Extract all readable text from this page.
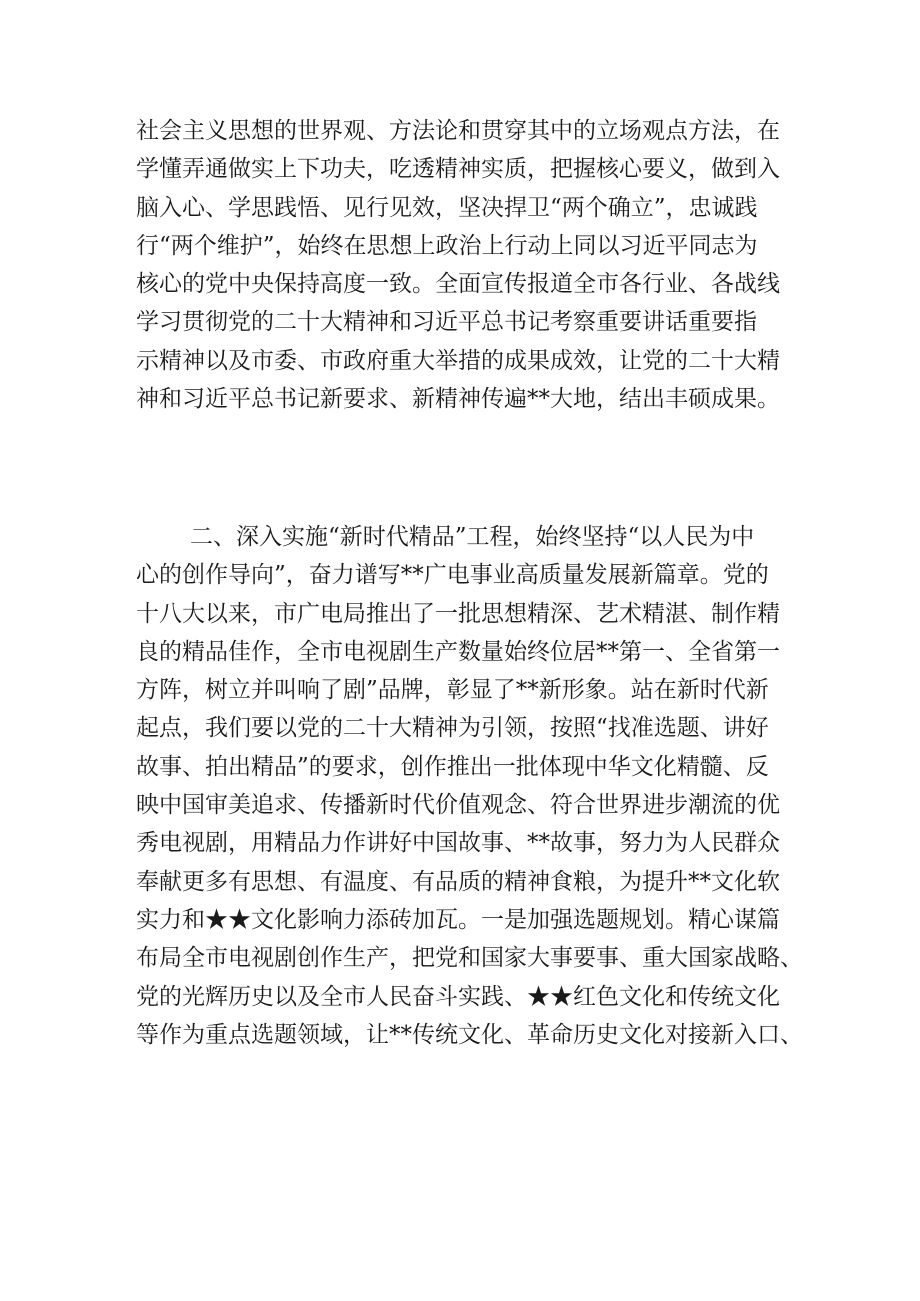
社会主义思想的世界观、方法论和贯穿其中的立场观点方法，在
学懂弄通做实上下功夫，吃透精神实质，把握核心要义，做到入
脑入心、学思践悟、见行见效，坚决捍卫“两个确立”，忠诚践
行“两个维护”，始终在思想上政治上行动上同以习近平同志为
核心的党中央保持高度一致。全面宣传报道全市各行业、各战线
学习贯彻党的二十大精神和习近平总书记考察重要讲话重要指
示精神以及市委、市政府重大举措的成果成效，让党的二十大精
神和习近平总书记新要求、新精神传遍**大地，结出丰硕成果。
二、深入实施“新时代精品”工程，始终坚持“以人民为中
心的创作导向”，奋力谱写**广电事业高质量发展新篇章。党的
十八大以来，市广电局推出了一批思想精深、艺术精湛、制作精
良的精品佳作，全市电视剧生产数量始终位居**第一、全省第一
方阵，树立并叫响了剧”品牌，彰显了**新形象。站在新时代新
起点，我们要以党的二十大精神为引领，按照“找准选题、讲好
故事、拍出精品”的要求，创作推出一批体现中华文化精髓、反
映中国审美追求、传播新时代价值观念、符合世界进步潮流的优
秀电视剧，用精品力作讲好中国故事、**故事，努力为人民群众
奉献更多有思想、有温度、有品质的精神食粮，为提升**文化软
实力和★★文化影响力添砖加瓦。一是加强选题规划。精心谋篇
布局全市电视剧创作生产，把党和国家大事要事、重大国家战略、
党的光辉历史以及全市人民奋斗实践、★★红色文化和传统文化
等作为重点选题领域，让**传统文化、革命历史文化对接新入口、
